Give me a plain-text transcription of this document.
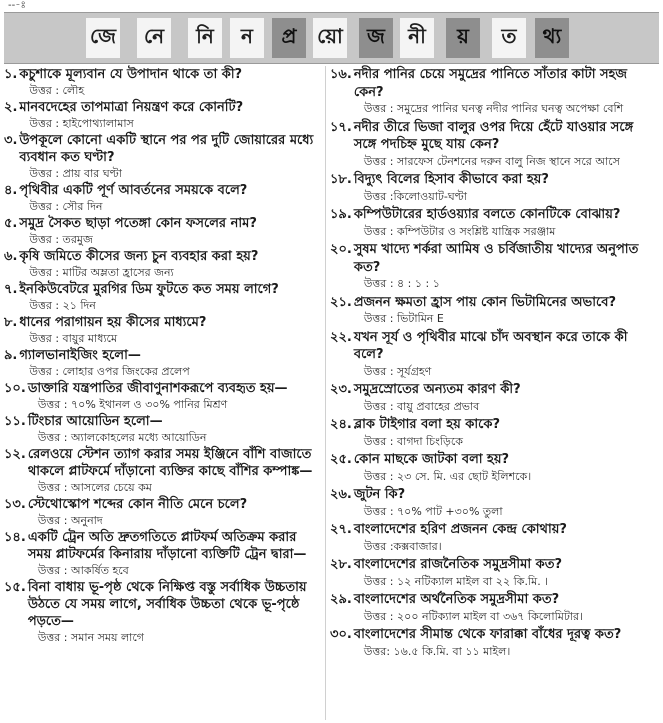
---ঃ
জে	নে	নি	ন	প্র	য়ো	জ	নী	য়	ত	থ্য
১. কচুশাকে মূল্যবান যে উপাদান থাকে তা কী?
উত্তর : লৌহ
২. মানবদেহের তাপমাত্রা নিয়ন্ত্রণ করে কোনটি?
উত্তর : হাইপোথ্যালামাস
৩. উপকূলে কোনো একটি স্থানে পর পর দুটি জোয়ারের মধ্যে ব্যবধান কত ঘণ্টা?
উত্তর : প্রায় বার ঘণ্টা
৪. পৃথিবীর একটি পূর্ণ আবর্তনের সময়কে বলে?
উত্তর : সৌর দিন
৫. সমুদ্র সৈকত ছাড়া পতেঙ্গা কোন ফসলের নাম?
উত্তর : তরমুজ
৬. কৃষি জমিতে কীসের জন্য চুন ব্যবহার করা হয়?
উত্তর : মাটির অম্লতা হ্রাসের জন্য
৭. ইনকিউবেটরে মুরগির ডিম ফুটতে কত সময় লাগে?
উত্তর : ২১ দিন
৮. ধানের পরাগায়ন হয় কীসের মাধ্যমে?
উত্তর : বায়ুর মাধ্যমে
৯. গ্যালভানাইজিং হলো—
উত্তর : লোহার ওপর জিংকের প্রলেপ
১০. ডাক্তারি যন্ত্রপাতির জীবাণুনাশকরূপে ব্যবহৃত হয়—
উত্তর : ৭০% ইথানল ও ৩০% পানির মিশ্রণ
১১. টিংচার আয়োডিন হলো—
উত্তর : অ্যালকোহলের মধ্যে আয়োডিন
১২. রেলওয়ে স্টেশন ত্যাগ করার সময় ইঞ্জিনে বাঁশি বাজাতে থাকলে প্লাটফর্মে দাঁড়ানো ব্যক্তির কাছে বাঁশির কম্পাঙ্ক—
উত্তর : আসলের চেয়ে কম
১৩. স্টেথোস্কোপ শব্দের কোন নীতি মেনে চলে?
উত্তর : অনুনাদ
১৪. একটি ট্রেন অতি দ্রুতগতিতে প্লাটফর্ম অতিক্রম করার সময় প্লাটফর্মের কিনারায় দাঁড়ানো ব্যক্তিটি ট্রেন দ্বারা—
উত্তর : আকর্ষিত হবে
১৫. বিনা বাধায় ভূ-পৃষ্ঠ থেকে নিক্ষিপ্ত বস্তু সর্বাধিক উচ্চতায় উঠতে যে সময় লাগে, সর্বাধিক উচ্চতা থেকে ভূ-পৃষ্ঠে পড়তে—
উত্তর : সমান সময় লাগে
১৬. নদীর পানির চেয়ে সমুদ্রের পানিতে সাঁতার কাটা সহজ কেন?
উত্তর : সমুদ্রের পানির ঘনত্ব নদীর পানির ঘনত্ব অপেক্ষা বেশি
১৭. নদীর তীরে ভিজা বালুর ওপর দিয়ে হেঁটে যাওয়ার সঙ্গে সঙ্গে পদচিহ্ন মুছে যায় কেন?
উত্তর : সারফেস টেনশনের দরুন বালু নিজ স্থানে সরে আসে
১৮. বিদ্যুৎ বিলের হিসাব কীভাবে করা হয়?
উত্তর :কিলোওয়াট-ঘণ্টা
১৯. কম্পিউটারের হার্ডওয়্যার বলতে কোনটিকে বোঝায়?
উত্তর : কম্পিউটার ও সংশ্লিষ্ট যান্ত্রিক সরঞ্জাম
২০. সুষম খাদ্যে শর্করা আমিষ ও চর্বিজাতীয় খাদ্যের অনুপাত কত?
উত্তর : ৪ : ১ : ১
২১. প্রজনন ক্ষমতা হ্রাস পায় কোন ভিটামিনের অভাবে?
উত্তর : ভিটামিন E
২২. যখন সূর্য ও পৃথিবীর মাঝে চাঁদ অবস্থান করে তাকে কী বলে?
উত্তর : সূর্যগ্রহণ
২৩. সমুদ্রস্রোতের অন্যতম কারণ কী?
উত্তর : বায়ু প্রবাহের প্রভাব
২৪. ব্লাক টাইগার বলা হয় কাকে?
উত্তর : বাগদা চিংড়িকে
২৫. কোন মাছকে জাটকা বলা হয়?
উত্তর : ২৩ সে. মি. এর ছোট ইলিশকে।
২৬. জুটন কি?
উত্তর : ৭০% পাট +৩০% তুলা
২৭. বাংলাদেশের হরিণ প্রজনন কেন্দ্র কোথায়?
উত্তর :কক্সবাজার।
২৮. বাংলাদেশের রাজনৈতিক সমুদ্রসীমা কত?
উত্তর : ১২ নটিক্যাল মাইল বা ২২ কি.মি. ।
২৯. বাংলাদেশের অর্থনৈতিক সমুদ্রসীমা কত?
উত্তর : ২০০ নটিক্যাল মাইল বা ৩৬৭ কিলোমিটার।
৩০. বাংলাদেশের সীমান্ত থেকে ফারাক্কা বাঁধের দূরত্ব কত?
উত্তর: ১৬.৫ কি.মি. বা ১১ মাইল।
